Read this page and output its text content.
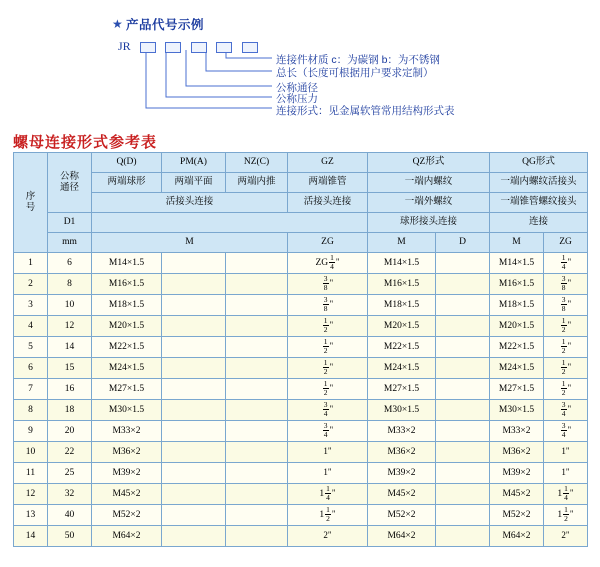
★ 产品代号示例
JR

连接件材质 c：为碳钢 b：为不锈钢
总长（长度可根据用户要求定制）
公称通径
公称压力
连接形式：见金属软管常用结构形式表
螺母连接形式参考表
序
号

公称
通径
	Q(D)	PM(A)	NZ(C)	GZ	QZ形式	QG形式
		两端球形	两端平面	两端内推	两端锥管	一端内螺纹		一端内螺纹活接头	
		活接头连接			活接头连接	一端外螺纹		一端锥管螺纹接头	
	D1					球形接头连接		连接	
	mm	M			ZG	M	D	M	ZG
1	6	M14×1.5			ZG $\frac{1}{4}$ "	M14×1.5		M14×1.5	$\frac{1}{4}$ "
2	8	M16×1.5			$\frac{3}{8}$ "	M16×1.5		M16×1.5	$\frac{3}{8}$ "
3	10	M18×1.5			$\frac{3}{8}$ "	M18×1.5		M18×1.5	$\frac{3}{8}$ "
4	12	M20×1.5			$\frac{1}{2}$ "	M20×1.5		M20×1.5	$\frac{1}{2}$ "
5	14	M22×1.5			$\frac{1}{2}$ "	M22×1.5		M22×1.5	$\frac{1}{2}$ "
6	15	M24×1.5			$\frac{1}{2}$ "	M24×1.5		M24×1.5	$\frac{1}{2}$ "
7	16	M27×1.5			$\frac{1}{2}$ "	M27×1.5		M27×1.5	$\frac{1}{2}$ "
8	18	M30×1.5			$\frac{3}{4}$ "	M30×1.5		M30×1.5	$\frac{3}{4}$ "
9	20	M33×2			$\frac{3}{4}$ "	M33×2		M33×2	$\frac{3}{4}$ "
10	22	M36×2			1"	M36×2		M36×2	1"
11	25	M39×2			1"	M39×2		M39×2	1"
12	32	M45×2			$1 \frac{1}{4}$ "	M45×2		M45×2	$1 \frac{1}{4}$ "
13	40	M52×2			$1 \frac{1}{2}$ "	M52×2		M52×2	$1 \frac{1}{2}$ "
14	50	M64×2			2"	M64×2		M64×2	2"
